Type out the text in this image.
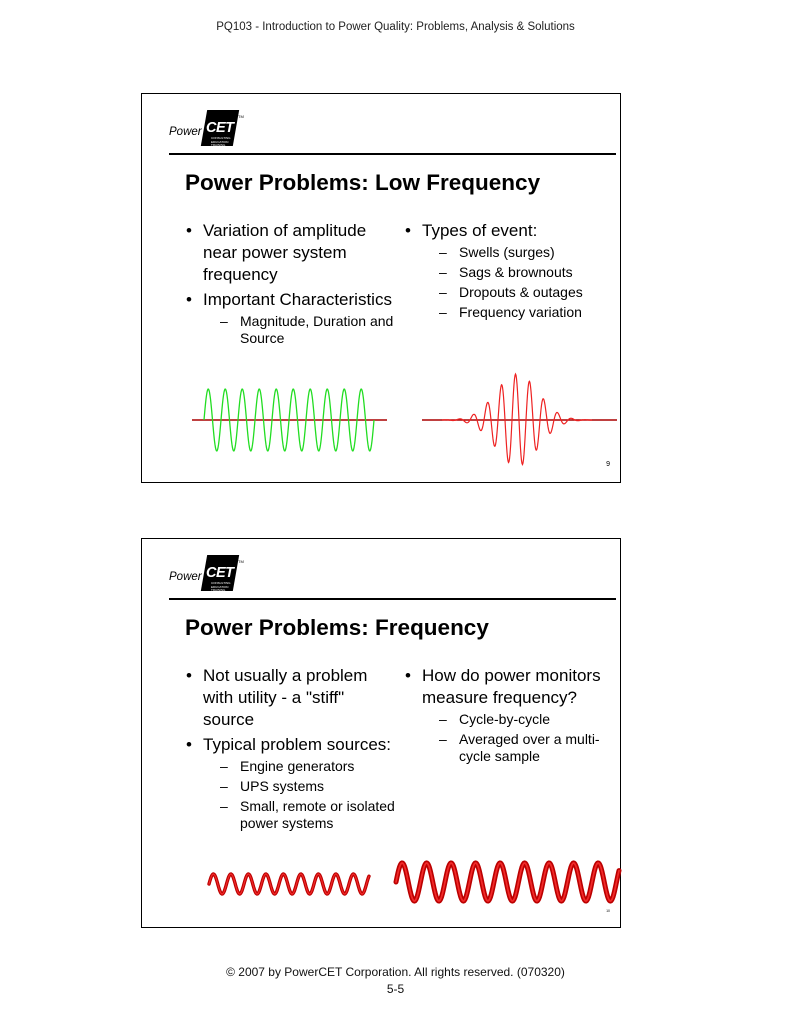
PQ103 - Introduction to Power Quality: Problems, Analysis & Solutions
Power CET
TM
CONSULTING
EDUCATION
TRAINING
Power Problems: Low Frequency
• Variation of amplitude near power system frequency
• Important Characteristics
– Magnitude, Duration and Source
• Types of event:
– Swells (surges)
– Sags & brownouts
– Dropouts & outages
– Frequency variation
9
Power CET
TM
CONSULTING
EDUCATION
TRAINING
Power Problems: Frequency
• Not usually a problem with utility - a "stiff" source
• Typical problem sources:
– Engine generators
– UPS systems
– Small, remote or isolated power systems
• How do power monitors measure frequency?
– Cycle-by-cycle
– Averaged over a multi-cycle sample
10
© 2007 by PowerCET Corporation. All rights reserved. (070320)
5-5
